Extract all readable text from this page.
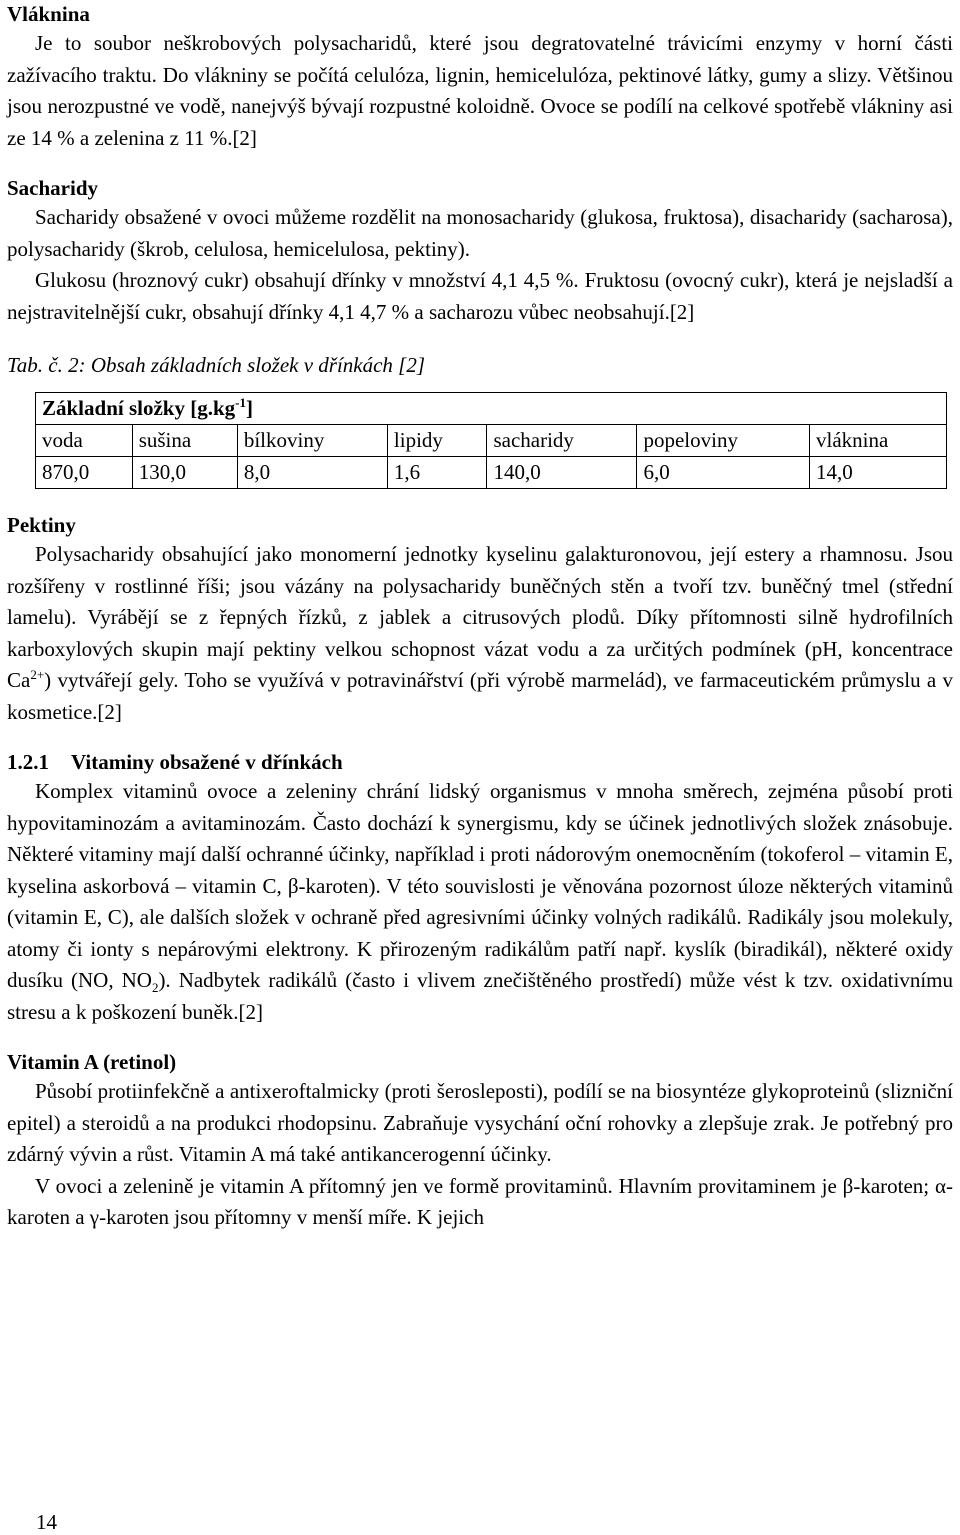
Vláknina

Je to soubor neškrobových polysacharidů, které jsou degratovatelné trávicími enzymy v horní části zažívacího traktu. Do vlákniny se počítá celulóza, lignin, hemicelulóza, pektinové látky, gumy a slizy. Většinou jsou nerozpustné ve vodě, nanejvýš bývají rozpustné koloidně. Ovoce se podílí na celkové spotřebě vlákniny asi ze 14 % a zelenina z 11 %.[2]

Sacharidy

Sacharidy obsažené v ovoci můžeme rozdělit na monosacharidy (glukosa, fruktosa), disacharidy (sacharosa), polysacharidy (škrob, celulosa, hemicelulosa, pektiny).

Glukosu (hroznový cukr) obsahují dřínky v množství 4,1 4,5 %. Fruktosu (ovocný cukr), která je nejsladší a nejstravitelnější cukr, obsahují dřínky 4,1 4,7 % a sacharozu vůbec neobsahují.[2]

Tab. č. 2: Obsah základních složek v dřínkách [2]
Základní složky $[g.kg^{-1}]$						
voda	sušina	bílkoviny	lipidy	sacharidy	popeloviny	vláknina
870,0	130,0	8,0	1,6	140,0	6,0	14,0
Pektiny

Polysacharidy obsahující jako monomerní jednotky kyselinu galakturonovou, její estery a rhamnosu. Jsou rozšířeny v rostlinné říši; jsou vázány na polysacharidy buněčných stěn a tvoří tzv. buněčný tmel (střední lamelu). Vyrábějí se z řepných řízků, z jablek a citrusových plodů. Díky přítomnosti silně hydrofilních karboxylových skupin mají pektiny velkou schopnost vázat vodu a za určitých podmínek (pH, koncentrace $Ca^{2+}$) vytvářejí gely. Toho se využívá v potravinářství (při výrobě marmelád), ve farmaceutickém průmyslu a v kosmetice.[2]

1.2.1 Vitaminy obsažené v dřínkách

Komplex vitaminů ovoce a zeleniny chrání lidský organismus v mnoha směrech, zejména působí proti hypovitaminozám a avitaminozám. Často dochází k synergismu, kdy se účinek jednotlivých složek znásobuje. Některé vitaminy mají další ochranné účinky, například i proti nádorovým onemocněním (tokoferol – vitamin E, kyselina askorbová – vitamin C, β-karoten). V této souvislosti je věnována pozornost úloze některých vitaminů (vitamin E, C), ale dalších složek v ochraně před agresivními účinky volných radikálů. Radikály jsou molekuly, atomy či ionty s nepárovými elektrony. K přirozeným radikálům patří např. kyslík (biradikál), některé oxidy dusíku (NO, $NO_2$). Nadbytek radikálů (často i vlivem znečištěného prostředí) může vést k tzv. oxidativnímu stresu a k poškození buněk.[2]

Vitamin A (retinol)

Působí protiinfekčně a antixeroftalmicky (proti šerosleposti), podílí se na biosyntéze glykoproteinů (slizniční epitel) a steroidů a na produkci rhodopsinu. Zabraňuje vysychání oční rohovky a zlepšuje zrak. Je potřebný pro zdárný vývin a růst. Vitamin A má také antikancerogenní účinky.

V ovoci a zelenině je vitamin A přítomný jen ve formě provitaminů. Hlavním provitaminem je β-karoten; α-karoten a γ-karoten jsou přítomny v menší míře. K jejich

14
